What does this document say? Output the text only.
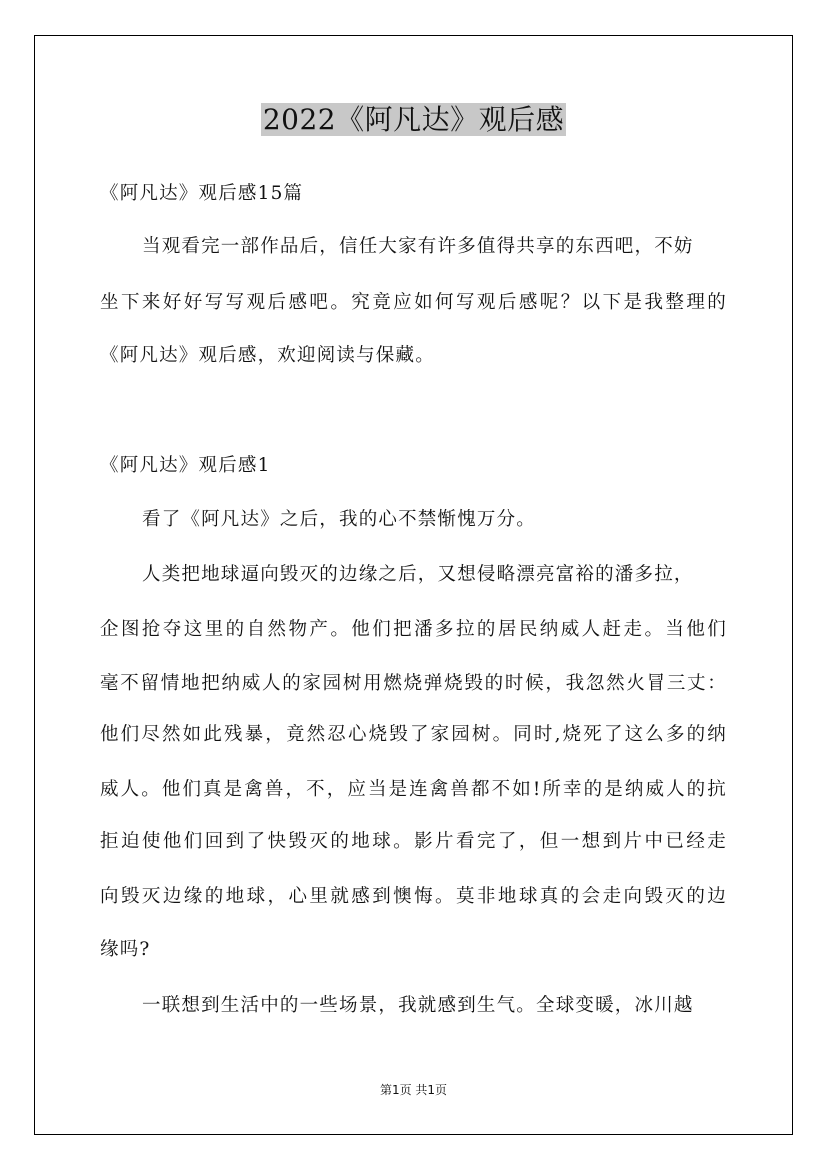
2022《阿凡达》观后感
《阿凡达》观后感15篇
当观看完一部作品后，信任大家有许多值得共享的东西吧，不妨
坐下来好好写写观后感吧。究竟应如何写观后感呢？以下是我整理的
《阿凡达》观后感，欢迎阅读与保藏。
《阿凡达》观后感1
看了《阿凡达》之后，我的心不禁惭愧万分。
人类把地球逼向毁灭的边缘之后，又想侵略漂亮富裕的潘多拉，
企图抢夺这里的自然物产。他们把潘多拉的居民纳威人赶走。当他们
毫不留情地把纳威人的家园树用燃烧弹烧毁的时候，我忽然火冒三丈：
他们尽然如此残暴，竟然忍心烧毁了家园树。同时,烧死了这么多的纳
威人。他们真是禽兽，不，应当是连禽兽都不如!所幸的是纳威人的抗
拒迫使他们回到了快毁灭的地球。影片看完了，但一想到片中已经走
向毁灭边缘的地球，心里就感到懊悔。莫非地球真的会走向毁灭的边
缘吗?
一联想到生活中的一些场景，我就感到生气。全球变暖，冰川越
第1页 共1页
